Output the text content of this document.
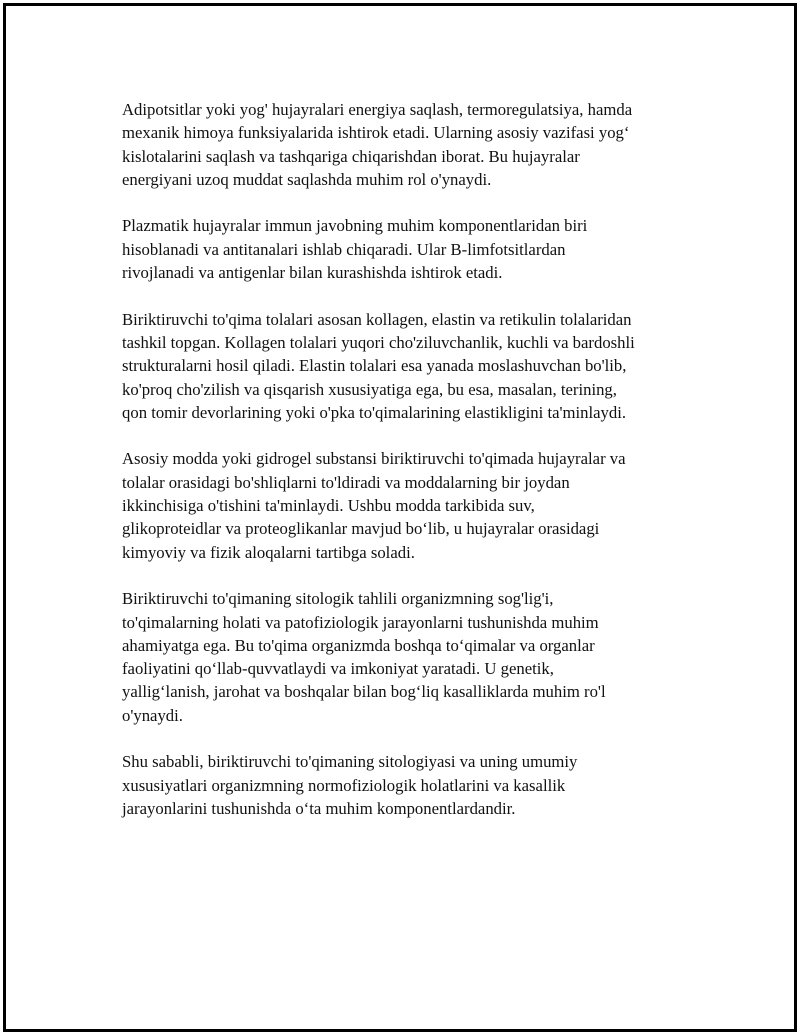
Adipotsitlar yoki yog' hujayralari energiya saqlash, termoregulatsiya, hamda
mexanik himoya funksiyalarida ishtirok etadi. Ularning asosiy vazifasi yog‘
kislotalarini saqlash va tashqariga chiqarishdan iborat. Bu hujayralar
energiyani uzoq muddat saqlashda muhim rol o'ynaydi.

Plazmatik hujayralar immun javobning muhim komponentlaridan biri
hisoblanadi va antitanalari ishlab chiqaradi. Ular B-limfotsitlardan
rivojlanadi va antigenlar bilan kurashishda ishtirok etadi.

Biriktiruvchi to'qima tolalari asosan kollagen, elastin va retikulin tolalaridan
tashkil topgan. Kollagen tolalari yuqori cho'ziluvchanlik, kuchli va bardoshli
strukturalarni hosil qiladi. Elastin tolalari esa yanada moslashuvchan bo'lib,
ko'proq cho'zilish va qisqarish xususiyatiga ega, bu esa, masalan, terining,
qon tomir devorlarining yoki o'pka to'qimalarining elastikligini ta'minlaydi.

Asosiy modda yoki gidrogel substansi biriktiruvchi to'qimada hujayralar va
tolalar orasidagi bo'shliqlarni to'ldiradi va moddalarning bir joydan
ikkinchisiga o'tishini ta'minlaydi. Ushbu modda tarkibida suv,
glikoproteidlar va proteoglikanlar mavjud bo‘lib, u hujayralar orasidagi
kimyoviy va fizik aloqalarni tartibga soladi.

Biriktiruvchi to'qimaning sitologik tahlili organizmning sog'lig'i,
to'qimalarning holati va patofiziologik jarayonlarni tushunishda muhim
ahamiyatga ega. Bu to'qima organizmda boshqa to‘qimalar va organlar
faoliyatini qo‘llab-quvvatlaydi va imkoniyat yaratadi. U genetik,
yallig‘lanish, jarohat va boshqalar bilan bog‘liq kasalliklarda muhim ro'l
o'ynaydi.

Shu sababli, biriktiruvchi to'qimaning sitologiyasi va uning umumiy
xususiyatlari organizmning normofiziologik holatlarini va kasallik
jarayonlarini tushunishda o‘ta muhim komponentlardandir.
